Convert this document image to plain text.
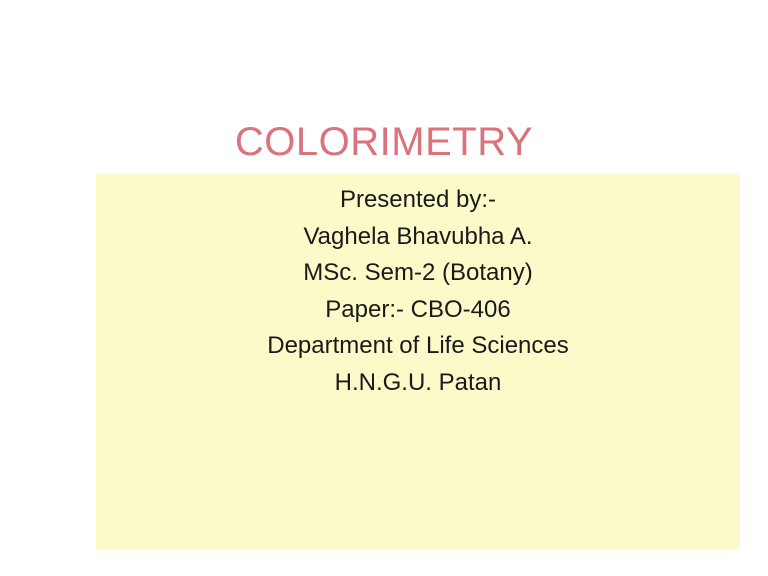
COLORIMETRY
Presented by:-
Vaghela Bhavubha A.
MSc. Sem-2 (Botany)
Paper:- CBO-406
Department of Life Sciences
H.N.G.U. Patan
